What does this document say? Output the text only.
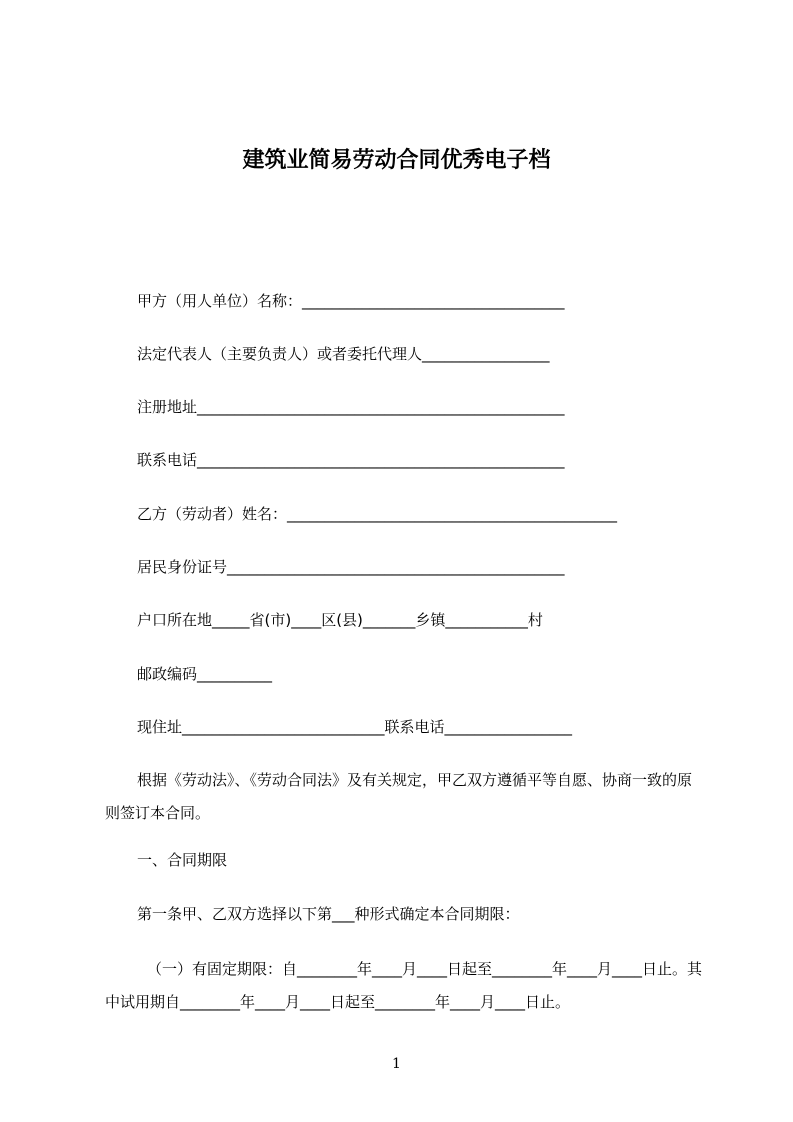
建筑业简易劳动合同优秀电子档
甲方（用人单位）名称：___________________________________
法定代表人（主要负责人）或者委托代理人_________________
注册地址_________________________________________________
联系电话_________________________________________________
乙方（劳动者）姓名：____________________________________________
居民身份证号_____________________________________________
户口所在地_____省(市)____区(县)_______乡镇___________村
邮政编码__________
现住址___________________________联系电话_________________
根据《劳动法》、《劳动合同法》及有关规定，甲乙双方遵循平等自愿、协商一致的原则签订本合同。
一、合同期限
第一条甲、乙双方选择以下第___种形式确定本合同期限：
（一）有固定期限：自________年____月____日起至________年____月____日止。其中试用期自________年____月____日起至________年____月____日止。
1
